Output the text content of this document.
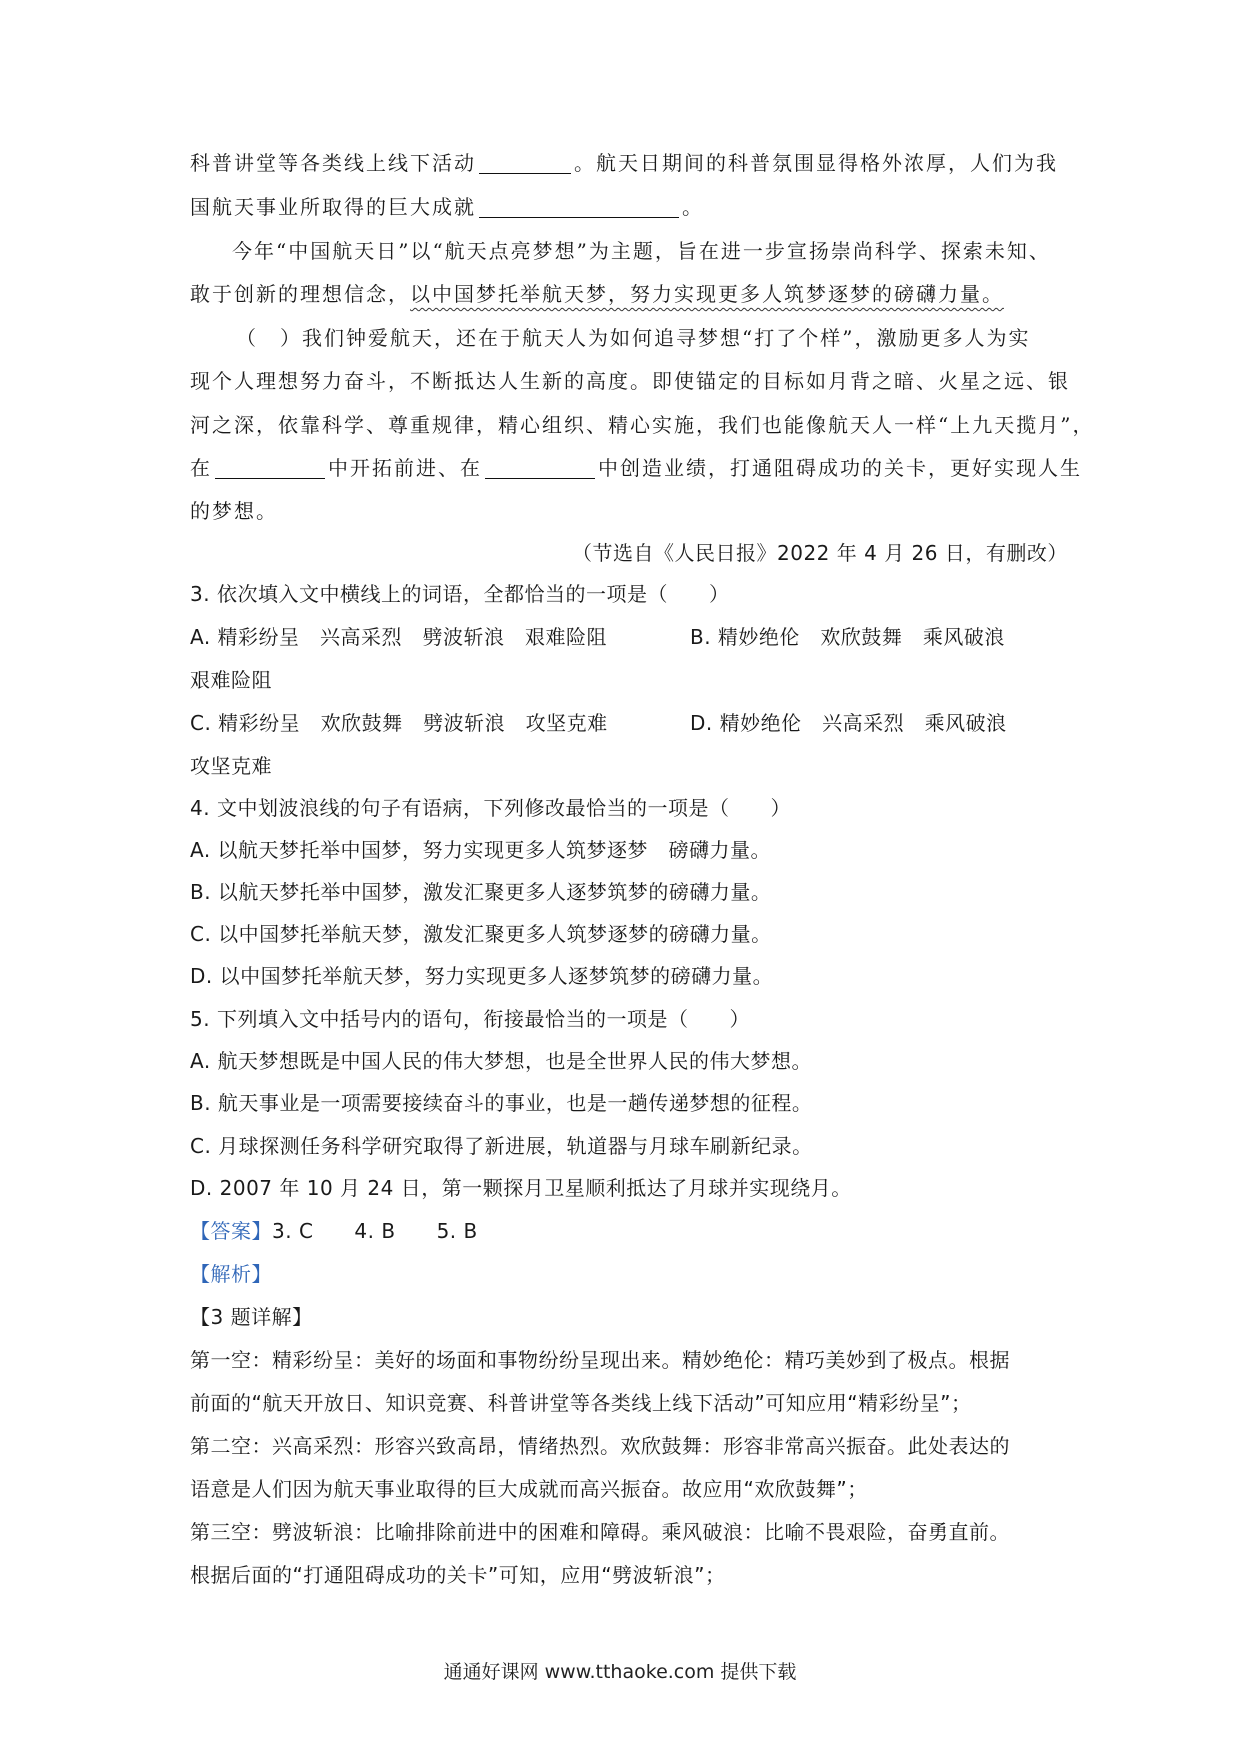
科普讲堂等各类线上线下活动	。航天日期间的科普氛围显得格外浓厚，人们为我
国航天事业所取得的巨大成就	。
今年“中国航天日”以“航天点亮梦想”为主题，旨在进一步宣扬崇尚科学、探索未知、
敢于创新的理想信念，以中国梦托举航天梦，努力实现更多人筑梦逐梦的磅礴力量。
（　）我们钟爱航天，还在于航天人为如何追寻梦想“打了个样”，激励更多人为实
现个人理想努力奋斗，不断抵达人生新的高度。即使锚定的目标如月背之暗、火星之远、银
河之深，依靠科学、尊重规律，精心组织、精心实施，我们也能像航天人一样“上九天揽月”，
在	中开拓前进、在	中创造业绩，打通阻碍成功的关卡，更好实现人生
的梦想。
（节选自《人民日报》2022 年 4 月 26 日，有删改）
3. 依次填入文中横线上的词语，全都恰当的一项是（　　）
A. 精彩纷呈　兴高采烈　劈波斩浪　艰难险阻	B. 精妙绝伦　欢欣鼓舞　乘风破浪
艰难险阻
C. 精彩纷呈　欢欣鼓舞　劈波斩浪　攻坚克难	D. 精妙绝伦　兴高采烈　乘风破浪
攻坚克难
4. 文中划波浪线的句子有语病，下列修改最恰当的一项是（　　）
A. 以航天梦托举中国梦，努力实现更多人筑梦逐梦　磅礴力量。
B. 以航天梦托举中国梦，激发汇聚更多人逐梦筑梦的磅礴力量。
C. 以中国梦托举航天梦，激发汇聚更多人筑梦逐梦的磅礴力量。
D. 以中国梦托举航天梦，努力实现更多人逐梦筑梦的磅礴力量。
5. 下列填入文中括号内的语句，衔接最恰当的一项是（　　）
A. 航天梦想既是中国人民的伟大梦想，也是全世界人民的伟大梦想。
B. 航天事业是一项需要接续奋斗的事业，也是一趟传递梦想的征程。
C. 月球探测任务科学研究取得了新进展，轨道器与月球车刷新纪录。
D. 2007 年 10 月 24 日，第一颗探月卫星顺利抵达了月球并实现绕月。
【答案】3. C　　4. B　　5. B
【解析】
【3 题详解】
第一空：精彩纷呈：美好的场面和事物纷纷呈现出来。精妙绝伦：精巧美妙到了极点。根据
前面的“航天开放日、知识竞赛、科普讲堂等各类线上线下活动”可知应用“精彩纷呈”；
第二空：兴高采烈：形容兴致高昂，情绪热烈。欢欣鼓舞：形容非常高兴振奋。此处表达的
语意是人们因为航天事业取得的巨大成就而高兴振奋。故应用“欢欣鼓舞”；
第三空：劈波斩浪：比喻排除前进中的困难和障碍。乘风破浪：比喻不畏艰险，奋勇直前。
根据后面的“打通阻碍成功的关卡”可知，应用“劈波斩浪”；
通通好课网 www.tthaoke.com 提供下载
